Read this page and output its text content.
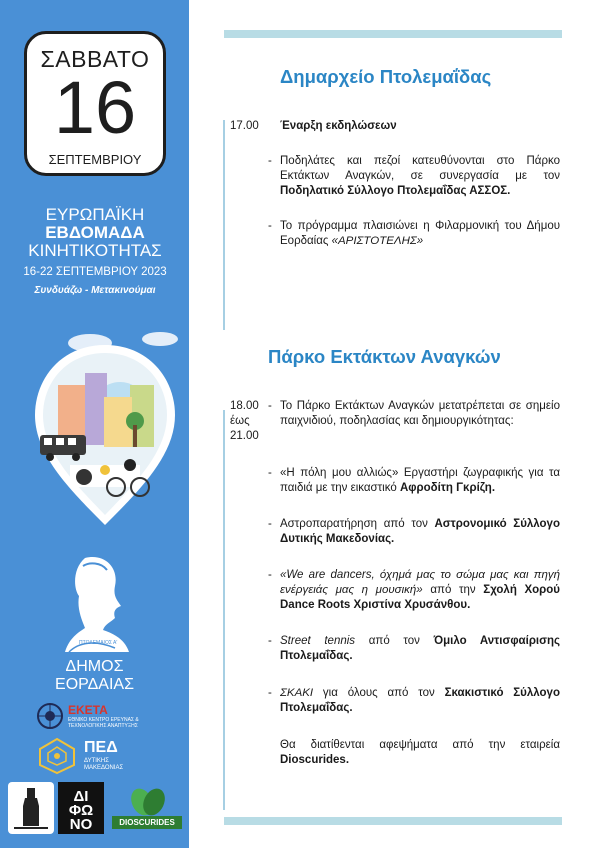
ΣΑΒΒΑΤΟ
16
ΣΕΠΤΕΜΒΡΙΟΥ
ΕΥΡΩΠΑΪΚΗ
ΕΒΔΟΜΑΔΑ
ΚΙΝΗΤΙΚΟΤΗΤΑΣ
16-22 ΣΕΠΤΕΜΒΡΙΟΥ 2023
Συνδυάζω - Μετακινούμαι
ΠΤΟΛΕΜΑΙΟΣ Α'
ΔΗΜΟΣ
ΕΟΡΔΑΙΑΣ
ΕΚΕΤΑ
ΕΘΝΙΚΟ ΚΕΝΤΡΟ ΕΡΕΥΝΑΣ & ΤΕΧΝΟΛΟΓΙΚΗΣ ΑΝΑΠΤΥΞΗΣ
ΠΕΔ
ΔΥΤΙΚΗΣ
ΜΑΚΕΔΟΝΙΑΣ
ΔΙ
ΦΩ
ΝΟ	DIOSCURIDES
Δημαρχείο Πτολεμαΐδας
17.00	Έναρξη εκδηλώσεων
- Ποδηλάτες και πεζοί κατευθύνονται στο Πάρκο Εκτάκτων Αναγκών, σε συνεργασία με τον Ποδηλατικό Σύλλογο Πτολεμαΐδας ΑΣΣΟΣ.
- Το πρόγραμμα πλαισιώνει η Φιλαρμονική του Δήμου Εορδαίας «ΑΡΙΣΤΟΤΕΛΗΣ»
Πάρκο Εκτάκτων Αναγκών
18.00
έως
21.00
- Το Πάρκο Εκτάκτων Αναγκών μετατρέπεται σε σημείο παιχνιδιού, ποδηλασίας και δημιουργικότητας:
- «Η πόλη μου αλλιώς» Εργαστήρι ζωγραφικής για τα παιδιά με την εικαστικό Αφροδίτη Γκρίζη.
- Αστροπαρατήρηση από τον Αστρονομικό Σύλλογο Δυτικής Μακεδονίας.
- «We are dancers, όχημά μας το σώμα μας και πηγή ενέργειάς μας η μουσική» από την Σχολή Χορού Dance Roots Χριστίνα Χρυσάνθου.
- Street tennis από τον Όμιλο Αντισφαίρισης Πτολεμαΐδας.
- ΣΚΑΚΙ για όλους από τον Σκακιστικό Σύλλογο Πτολεμαΐδας.
Θα διατίθενται αφεψήματα από την εταιρεία Dioscurides.
